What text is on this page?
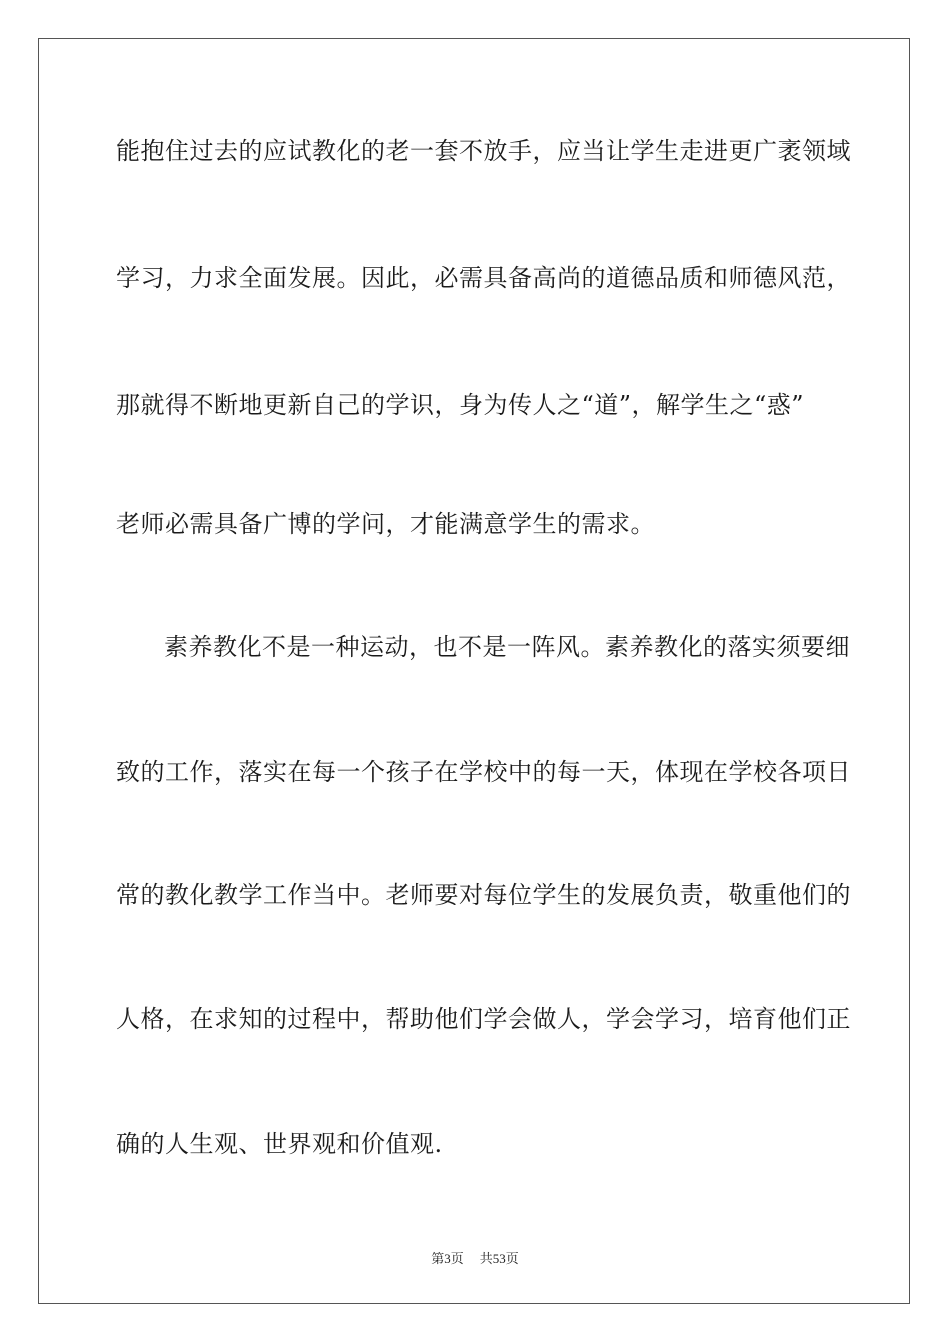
能抱住过去的应试教化的老一套不放手，应当让学生走进更广袤领域
学习，力求全面发展。因此，必需具备高尚的道德品质和师德风范，
那就得不断地更新自己的学识，身为传人之“道”，解学生之“惑”
老师必需具备广博的学问，才能满意学生的需求。
素养教化不是一种运动，也不是一阵风。素养教化的落实须要细
致的工作，落实在每一个孩子在学校中的每一天，体现在学校各项日
常的教化教学工作当中。老师要对每位学生的发展负责，敬重他们的
人格，在求知的过程中，帮助他们学会做人，学会学习，培育他们正
确的人生观、世界观和价值观.
第3页 共53页
